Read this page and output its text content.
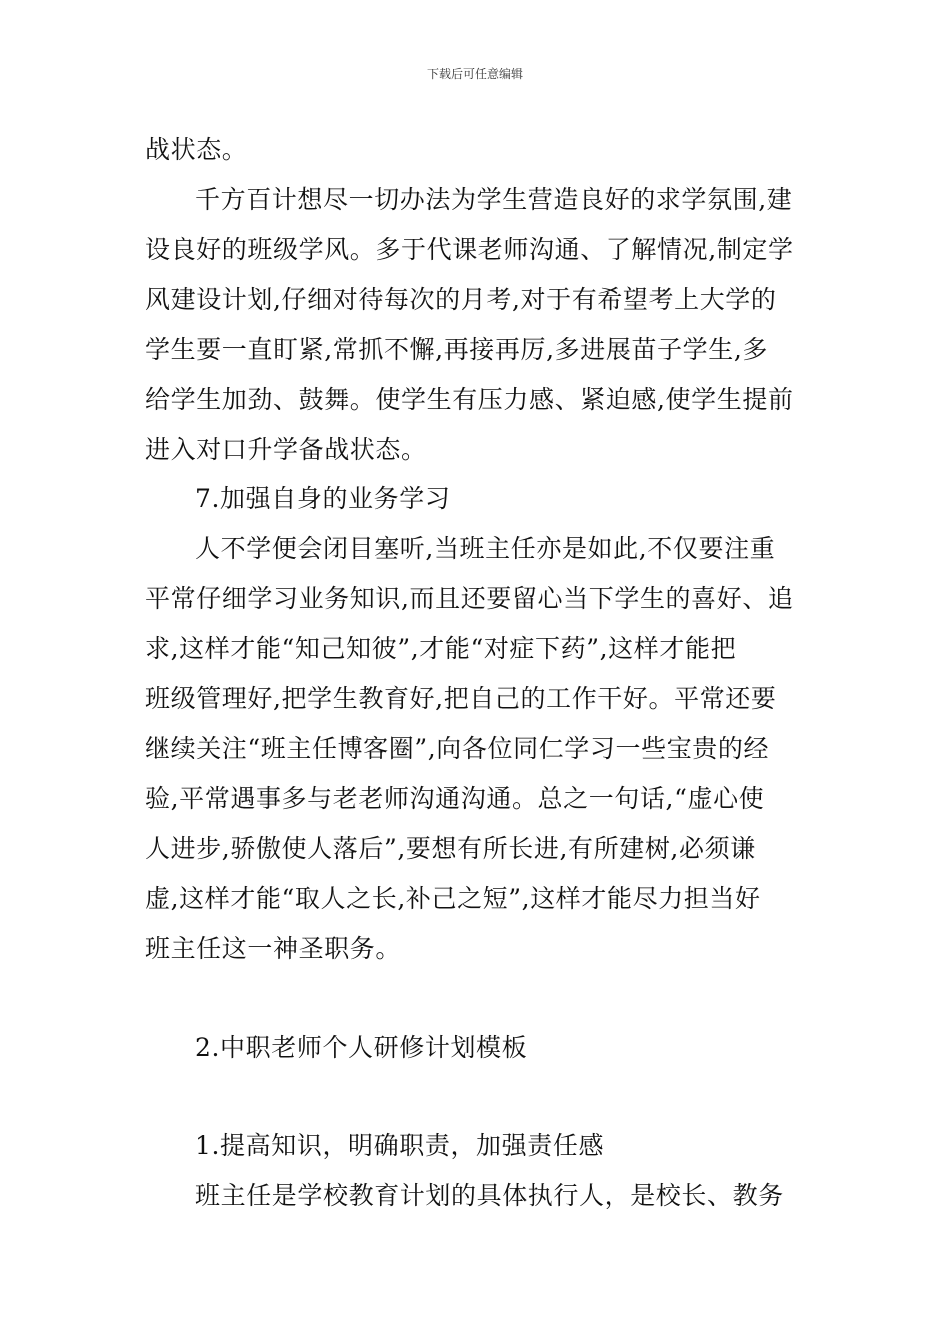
下载后可任意编辑
战状态。
千方百计想尽一切办法为学生营造良好的求学氛围,建
设良好的班级学风。多于代课老师沟通、了解情况,制定学
风建设计划,仔细对待每次的月考,对于有希望考上大学的
学生要一直盯紧,常抓不懈,再接再厉,多进展苗子学生,多
给学生加劲、鼓舞。使学生有压力感、紧迫感,使学生提前
进入对口升学备战状态。
7.加强自身的业务学习
人不学便会闭目塞听,当班主任亦是如此,不仅要注重
平常仔细学习业务知识,而且还要留心当下学生的喜好、追
求,这样才能“知己知彼”,才能“对症下药”,这样才能把
班级管理好,把学生教育好,把自己的工作干好。平常还要
继续关注“班主任博客圈”,向各位同仁学习一些宝贵的经
验,平常遇事多与老老师沟通沟通。总之一句话,“虚心使
人进步,骄傲使人落后”,要想有所长进,有所建树,必须谦
虚,这样才能“取人之长,补己之短”,这样才能尽力担当好
班主任这一神圣职务。
2.中职老师个人研修计划模板
1.提高知识，明确职责，加强责任感
班主任是学校教育计划的具体执行人，是校长、教务
